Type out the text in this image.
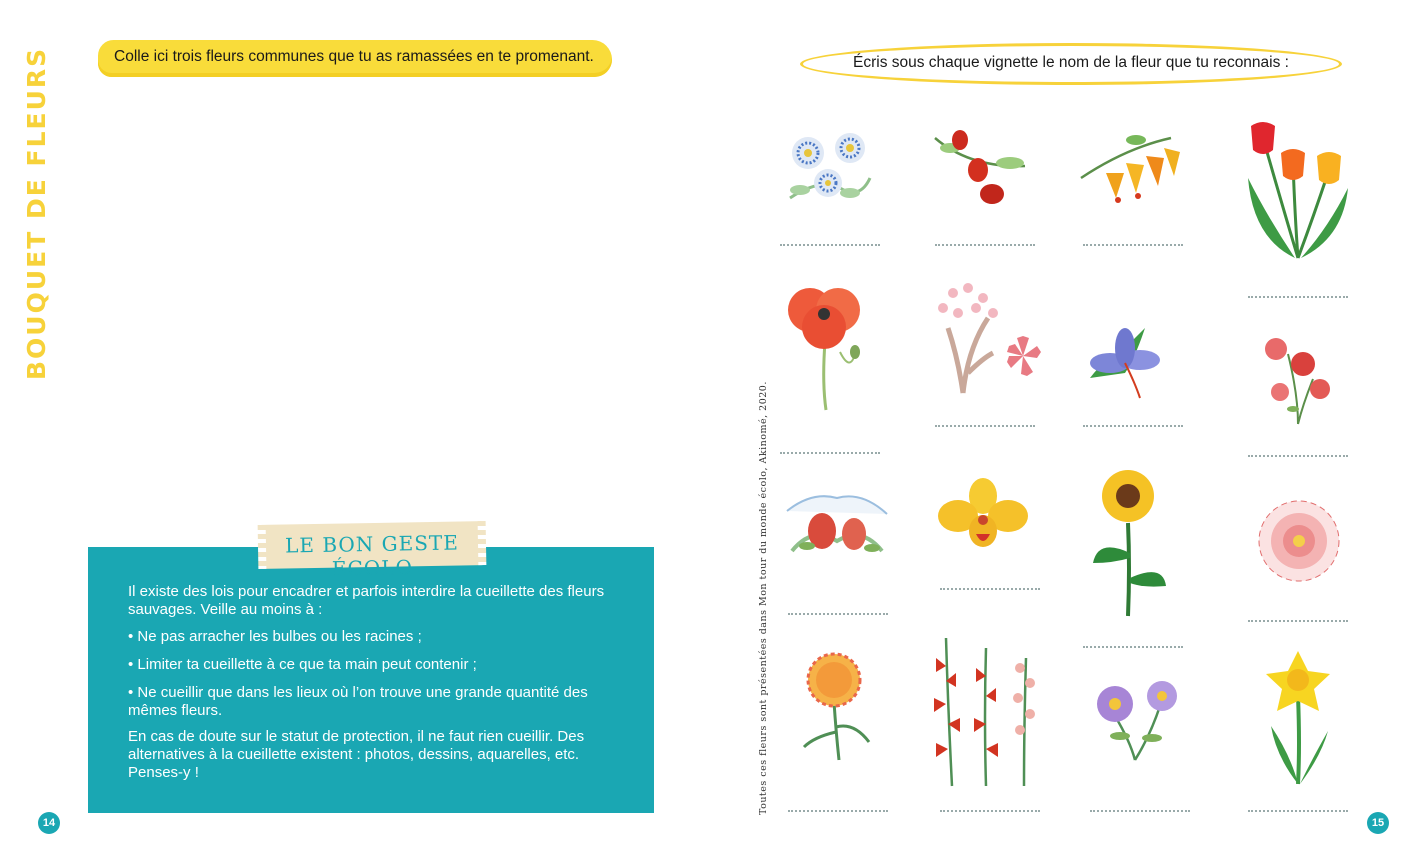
BOUQUET DE FLEURS	Colle ici trois fleurs communes que tu as ramassées en te promenant.

Il existe des lois pour encadrer et parfois interdire la cueillette des fleurs sauvages. Veille au moins à :

• Ne pas arracher les bulbes ou les racines ;

• Limiter ta cueillette à ce que ta main peut contenir ;

• Ne cueillir que dans les lieux où l’on trouve une grande quantité des mêmes fleurs.

En cas de doute sur le statut de protection, il ne faut rien cueillir. Des alternatives à la cueillette existent : photos, dessins, aquarelles, etc. Penses-y !

LE BON GESTE ÉCOLO
14
Écris sous chaque vignette le nom de la fleur que tu reconnais :
Toutes ces fleurs sont présentées dans Mon tour du monde écolo, Akinomé, 2020.
15
